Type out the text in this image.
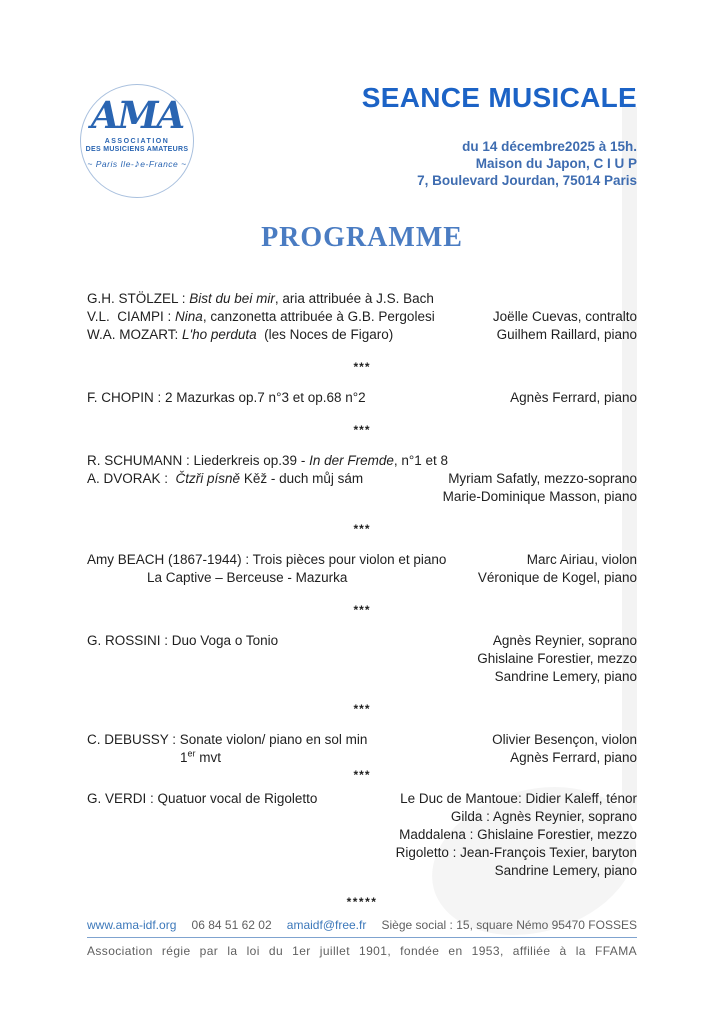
AMA
ASSOCIATION
DES MUSICIENS AMATEURS
~ Paris Ile-♪e-France ~
SEANCE MUSICALE
du 14 décembre2025 à 15h.
Maison du Japon, C I U P
7, Boulevard Jourdan, 75014 Paris
PROGRAMME
G.H. STÖLZEL : Bist du bei mir, aria attribuée à J.S. Bach
V.L.  CIAMPI : Nina, canzonetta attribuée à G.B. Pergolesi	Joëlle Cuevas, contralto
W.A. MOZART: L'ho perduta  (les Noces de Figaro)	Guilhem Raillard, piano
***
F. CHOPIN : 2 Mazurkas op.7 n°3 et op.68 n°2	Agnès Ferrard, piano
***
R. SCHUMANN : Liederkreis op.39 - In der Fremde, n°1 et 8
A. DVORAK :  Čtzři písně Kěž - duch můj sám	Myriam Safatly, mezzo-soprano
Marie-Dominique Masson, piano
***
Amy BEACH (1867-1944) : Trois pièces pour violon et piano	Marc Airiau, violon
La Captive – Berceuse - Mazurka	Véronique de Kogel, piano
***
G. ROSSINI : Duo Voga o Tonio	Agnès Reynier, soprano
Ghislaine Forestier, mezzo
Sandrine Lemery, piano
***
C. DEBUSSY : Sonate violon/ piano en sol min	Olivier Besençon, violon
1er mvt	Agnès Ferrard, piano
***
G. VERDI : Quatuor vocal de Rigoletto	Le Duc de Mantoue: Didier Kaleff, ténor
Gilda : Agnès Reynier, soprano
Maddalena : Ghislaine Forestier, mezzo
Rigoletto : Jean-François Texier, baryton
Sandrine Lemery, piano
*****
www.ama-idf.org 06 84 51 62 02 amaidf@free.fr Siège social : 15, square Némo 95470 FOSSES
Association régie par la loi du 1er juillet 1901, fondée en 1953, affiliée à la FFAMA
